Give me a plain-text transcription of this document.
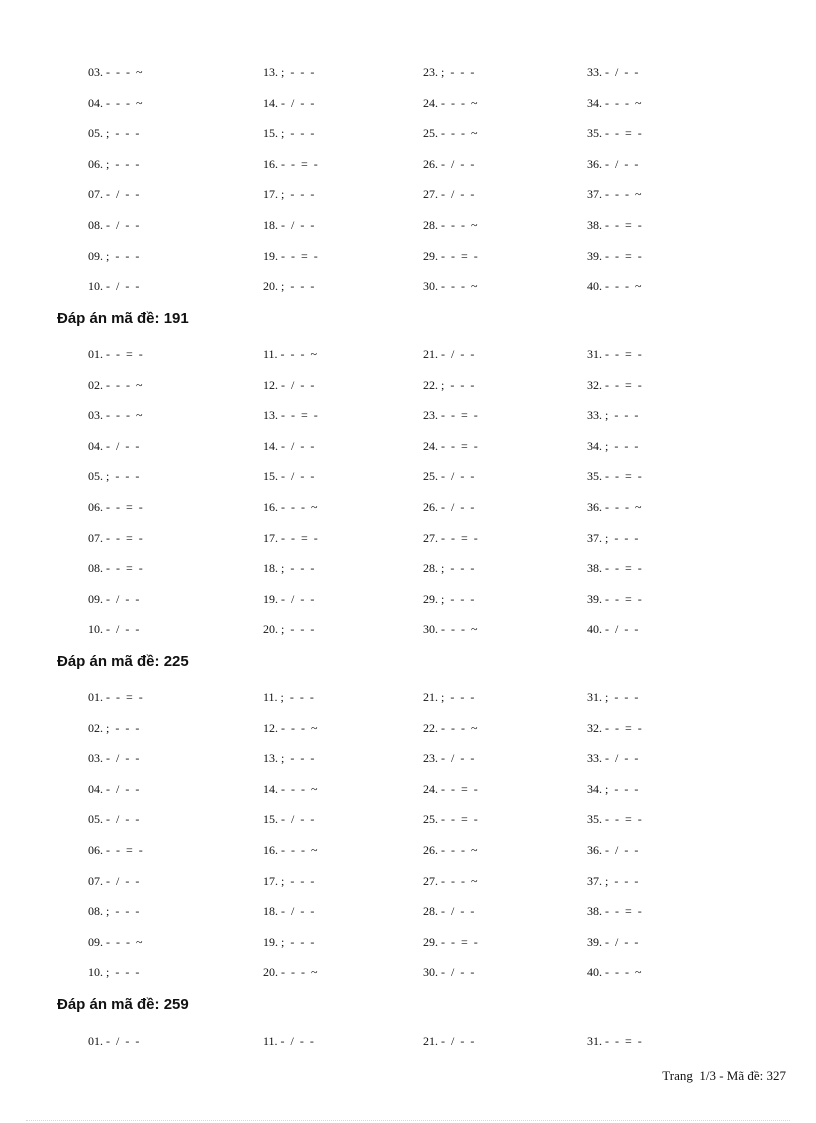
03. -  -  -  ~	13. ;  -  -  -	23. ;  -  -  -	33. -  /  -  -
04. -  -  -  ~	14. -  /  -  -	24. -  -  -  ~	34. -  -  -  ~
05. ;  -  -  -	15. ;  -  -  -	25. -  -  -  ~	35. -  -  =  -
06. ;  -  -  -	16. -  -  =  -	26. -  /  -  -	36. -  /  -  -
07. -  /  -  -	17. ;  -  -  -	27. -  /  -  -	37. -  -  -  ~
08. -  /  -  -	18. -  /  -  -	28. -  -  -  ~	38. -  -  =  -
09. ;  -  -  -	19. -  -  =  -	29. -  -  =  -	39. -  -  =  -
10. -  /  -  -	20. ;  -  -  -	30. -  -  -  ~	40. -  -  -  ~
Đáp án mã đề: 191
01. -  -  =  -	11. -  -  -  ~	21. -  /  -  -	31. -  -  =  -
02. -  -  -  ~	12. -  /  -  -	22. ;  -  -  -	32. -  -  =  -
03. -  -  -  ~	13. -  -  =  -	23. -  -  =  -	33. ;  -  -  -
04. -  /  -  -	14. -  /  -  -	24. -  -  =  -	34. ;  -  -  -
05. ;  -  -  -	15. -  /  -  -	25. -  /  -  -	35. -  -  =  -
06. -  -  =  -	16. -  -  -  ~	26. -  /  -  -	36. -  -  -  ~
07. -  -  =  -	17. -  -  =  -	27. -  -  =  -	37. ;  -  -  -
08. -  -  =  -	18. ;  -  -  -	28. ;  -  -  -	38. -  -  =  -
09. -  /  -  -	19. -  /  -  -	29. ;  -  -  -	39. -  -  =  -
10. -  /  -  -	20. ;  -  -  -	30. -  -  -  ~	40. -  /  -  -
Đáp án mã đề: 225
01. -  -  =  -	11. ;  -  -  -	21. ;  -  -  -	31. ;  -  -  -
02. ;  -  -  -	12. -  -  -  ~	22. -  -  -  ~	32. -  -  =  -
03. -  /  -  -	13. ;  -  -  -	23. -  /  -  -	33. -  /  -  -
04. -  /  -  -	14. -  -  -  ~	24. -  -  =  -	34. ;  -  -  -
05. -  /  -  -	15. -  /  -  -	25. -  -  =  -	35. -  -  =  -
06. -  -  =  -	16. -  -  -  ~	26. -  -  -  ~	36. -  /  -  -
07. -  /  -  -	17. ;  -  -  -	27. -  -  -  ~	37. ;  -  -  -
08. ;  -  -  -	18. -  /  -  -	28. -  /  -  -	38. -  -  =  -
09. -  -  -  ~	19. ;  -  -  -	29. -  -  =  -	39. -  /  -  -
10. ;  -  -  -	20. -  -  -  ~	30. -  /  -  -	40. -  -  -  ~
Đáp án mã đề: 259
01. -  /  -  -	11. -  /  -  -	21. -  /  -  -	31. -  -  =  -
Trang  1/3 - Mã đề: 327
